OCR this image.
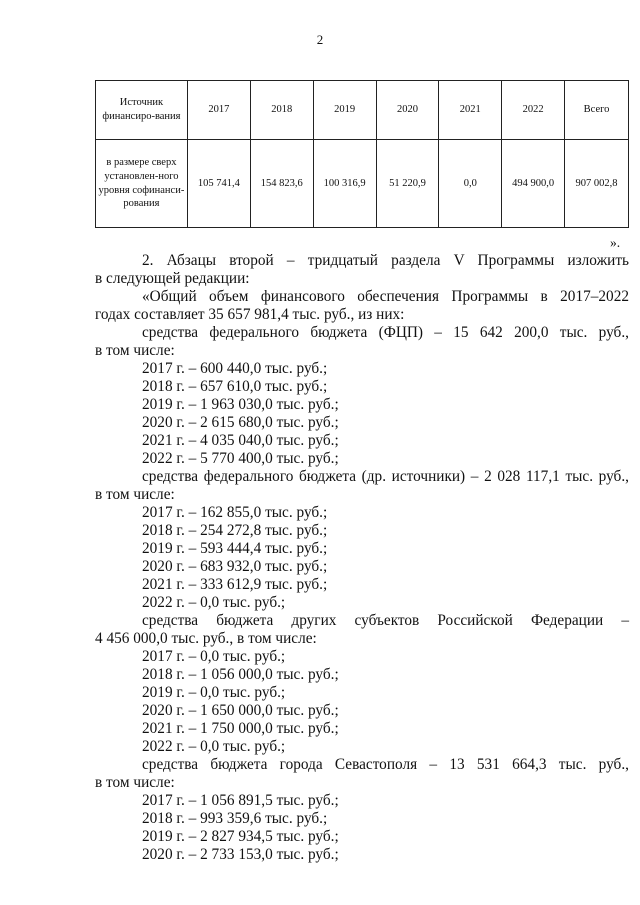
2
Источник финансиро-вания	2017	2018	2019	2020	2021	2022	Всего
в размере сверх установлен-ного уровня софинанси-рования	105 741,4	154 823,6	100 316,9	51 220,9	0,0	494 900,0	907 002,8
».
2. Абзацы второй – тридцатый раздела V Программы изложить
в следующей редакции:
«Общий объем финансового обеспечения Программы в 2017–2022
годах составляет 35 657 981,4 тыс. руб., из них:
средства федерального бюджета (ФЦП) – 15 642 200,0 тыс. руб.,
в том числе:
2017 г. – 600 440,0 тыс. руб.;
2018 г. – 657 610,0 тыс. руб.;
2019 г. – 1 963 030,0 тыс. руб.;
2020 г. – 2 615 680,0 тыс. руб.;
2021 г. – 4 035 040,0 тыс. руб.;
2022 г. – 5 770 400,0 тыс. руб.;
средства федерального бюджета (др. источники) – 2 028 117,1 тыс. руб.,
в том числе:
2017 г. – 162 855,0 тыс. руб.;
2018 г. – 254 272,8 тыс. руб.;
2019 г. – 593 444,4 тыс. руб.;
2020 г. – 683 932,0 тыс. руб.;
2021 г. – 333 612,9 тыс. руб.;
2022 г. – 0,0 тыс. руб.;
средства бюджета других субъектов Российской Федерации –
4 456 000,0 тыс. руб., в том числе:
2017 г. – 0,0 тыс. руб.;
2018 г. – 1 056 000,0 тыс. руб.;
2019 г. – 0,0 тыс. руб.;
2020 г. – 1 650 000,0 тыс. руб.;
2021 г. – 1 750 000,0 тыс. руб.;
2022 г. – 0,0 тыс. руб.;
средства бюджета города Севастополя – 13 531 664,3 тыс. руб.,
в том числе:
2017 г. – 1 056 891,5 тыс. руб.;
2018 г. – 993 359,6 тыс. руб.;
2019 г. – 2 827 934,5 тыс. руб.;
2020 г. – 2 733 153,0 тыс. руб.;
